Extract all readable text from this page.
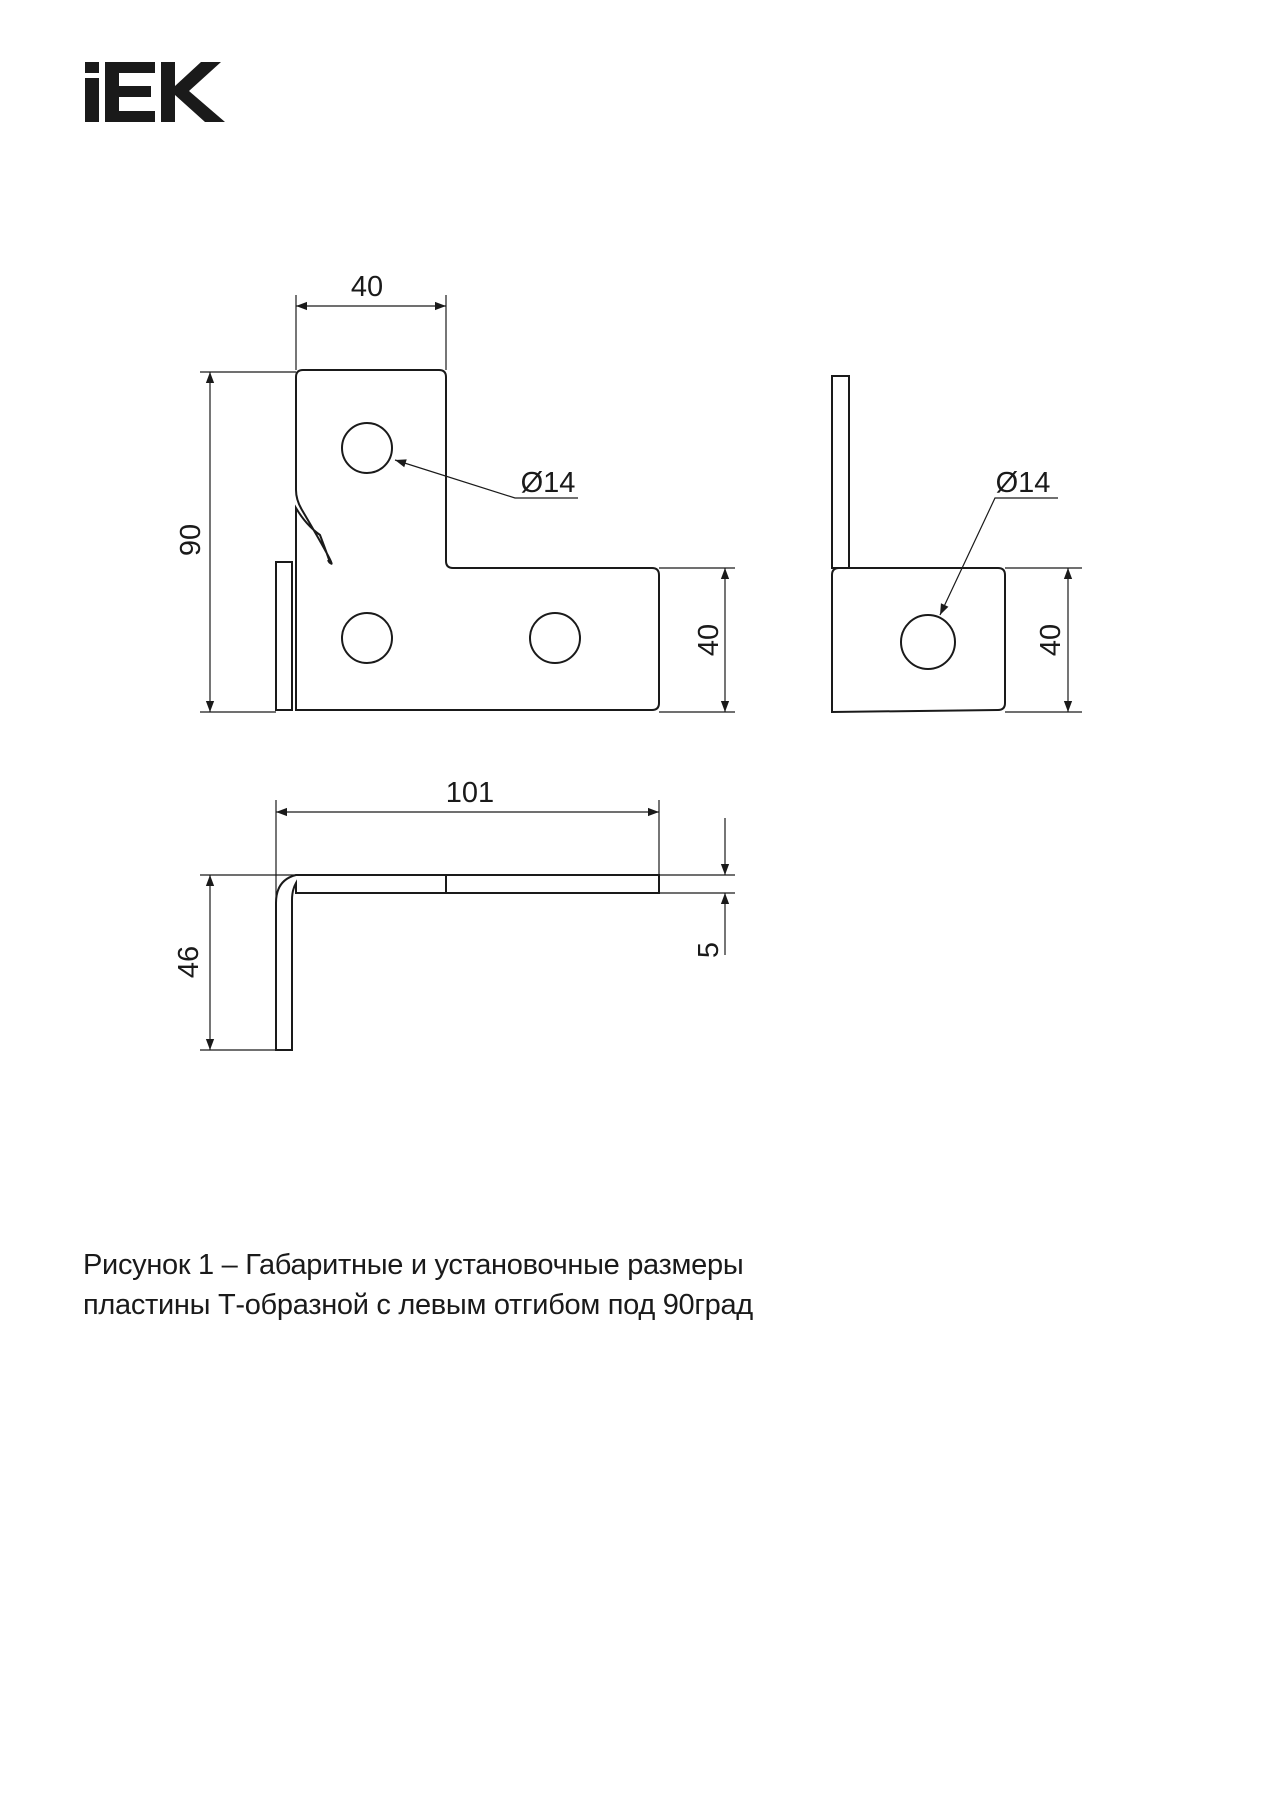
40
90
Ø14
40
Ø14
40
101
46	5
Рисунок 1 – Габаритные и установочные размеры
пластины Т-образной с левым отгибом под 90град
